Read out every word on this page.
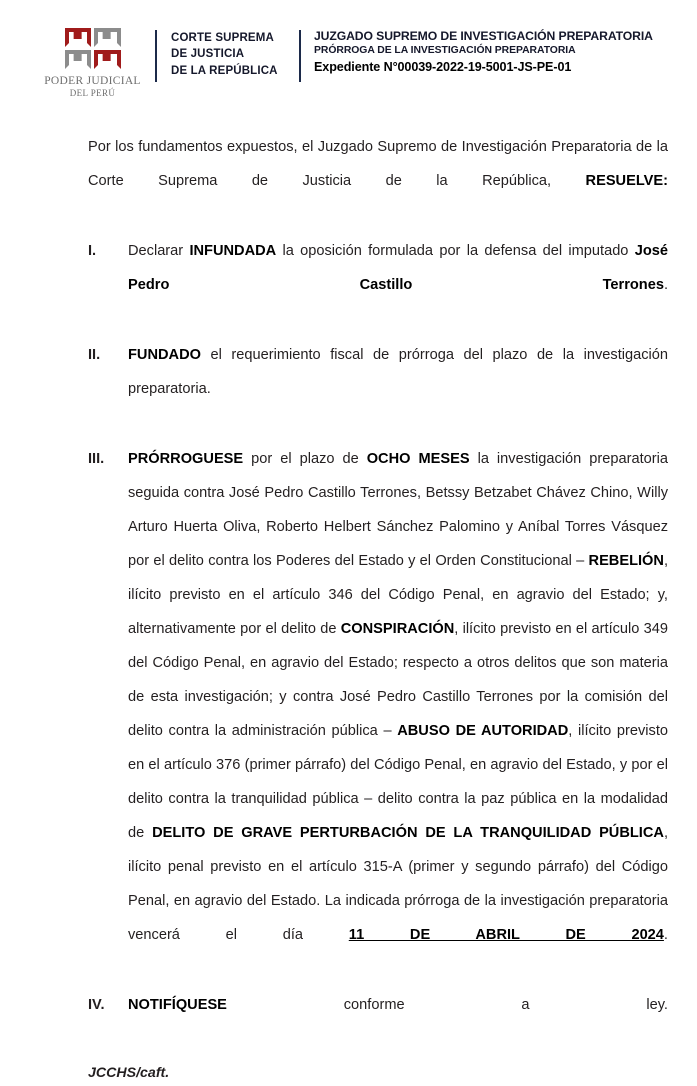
PODER JUDICIAL
DEL PERÚ
CORTE SUPREMA
DE JUSTICIA
DE LA REPÚBLICA
JUZGADO SUPREMO DE INVESTIGACIÓN PREPARATORIA
PRÓRROGA DE LA INVESTIGACIÓN PREPARATORIA
Expediente N°00039-2022-19-5001-JS-PE-01

Por los fundamentos expuestos, el Juzgado Supremo de Investigación Preparatoria de la Corte Suprema de Justicia de la República, RESUELVE:

I.	Declarar INFUNDADA la oposición formulada por la defensa del imputado José Pedro Castillo Terrones.
II.	FUNDADO el requerimiento fiscal de prórroga del plazo de la investigación preparatoria.
III.	PRÓRROGUESE por el plazo de OCHO MESES la investigación preparatoria seguida contra José Pedro Castillo Terrones, Betssy Betzabet Chávez Chino, Willy Arturo Huerta Oliva, Roberto Helbert Sánchez Palomino y Aníbal Torres Vásquez por el delito contra los Poderes del Estado y el Orden Constitucional – REBELIÓN, ilícito previsto en el artículo 346 del Código Penal, en agravio del Estado; y, alternativamente por el delito de CONSPIRACIÓN, ilícito previsto en el artículo 349 del Código Penal, en agravio del Estado; respecto a otros delitos que son materia de esta investigación; y contra José Pedro Castillo Terrones por la comisión del delito contra la administración pública – ABUSO DE AUTORIDAD, ilícito previsto en el artículo 376 (primer párrafo) del Código Penal, en agravio del Estado, y por el delito contra la tranquilidad pública – delito contra la paz pública en la modalidad de DELITO DE GRAVE PERTURBACIÓN DE LA TRANQUILIDAD PÚBLICA, ilícito penal previsto en el artículo 315-A (primer y segundo párrafo) del Código Penal, en agravio del Estado. La indicada prórroga de la investigación preparatoria vencerá el día 11 DE ABRIL DE 2024.
IV.	NOTIFÍQUESE conforme a ley.
JCCHS/caft.
